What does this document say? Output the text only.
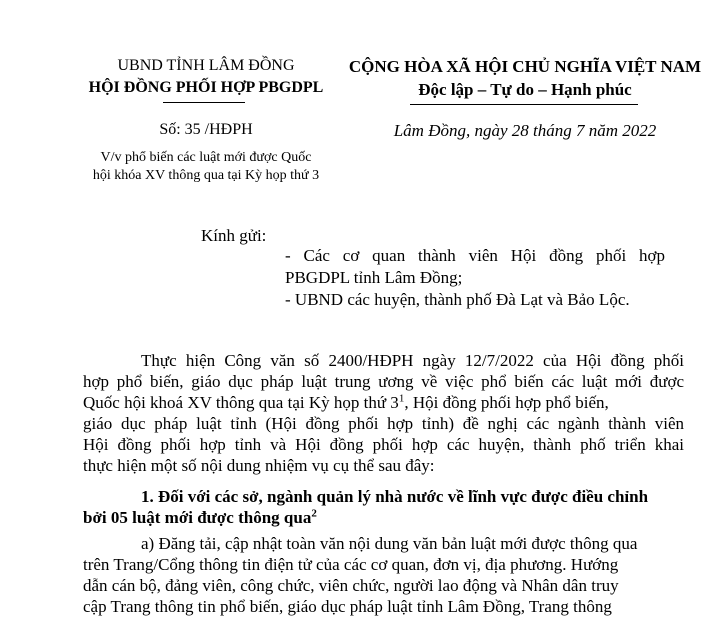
UBND TỈNH LÂM ĐỒNG
HỘI ĐỒNG PHỐI HỢP PBGDPL
Số: 35 /HĐPH
V/v phổ biến các luật mới được Quốc
hội khóa XV thông qua tại Kỳ họp thứ 3
CỘNG HÒA XÃ HỘI CHỦ NGHĨA VIỆT NAM
Độc lập – Tự do – Hạnh phúc
Lâm Đồng, ngày 28 tháng 7 năm 2022
Kính gửi:
- Các cơ quan thành viên Hội đồng phối hợp
PBGDPL tỉnh Lâm Đồng;
- UBND các huyện, thành phố Đà Lạt và Bảo Lộc.
Thực hiện Công văn số 2400/HĐPH ngày 12/7/2022 của Hội đồng phối
hợp phổ biến, giáo dục pháp luật trung ương về việc phổ biến các luật mới được
Quốc hội khoá XV thông qua tại Kỳ họp thứ $3^1$, Hội đồng phối hợp phổ biến,
giáo dục pháp luật tỉnh (Hội đồng phối hợp tỉnh) đề nghị các ngành thành viên
Hội đồng phối hợp tỉnh và Hội đồng phối hợp các huyện, thành phố triển khai
thực hiện một số nội dung nhiệm vụ cụ thể sau đây:
1. Đối với các sở, ngành quản lý nhà nước về lĩnh vực được điều chỉnh
bởi 05 luật mới được thông qua$^2$
a) Đăng tải, cập nhật toàn văn nội dung văn bản luật mới được thông qua
trên Trang/Cổng thông tin điện tử của các cơ quan, đơn vị, địa phương. Hướng
dẫn cán bộ, đảng viên, công chức, viên chức, người lao động và Nhân dân truy
cập Trang thông tin phổ biến, giáo dục pháp luật tỉnh Lâm Đồng, Trang thông
